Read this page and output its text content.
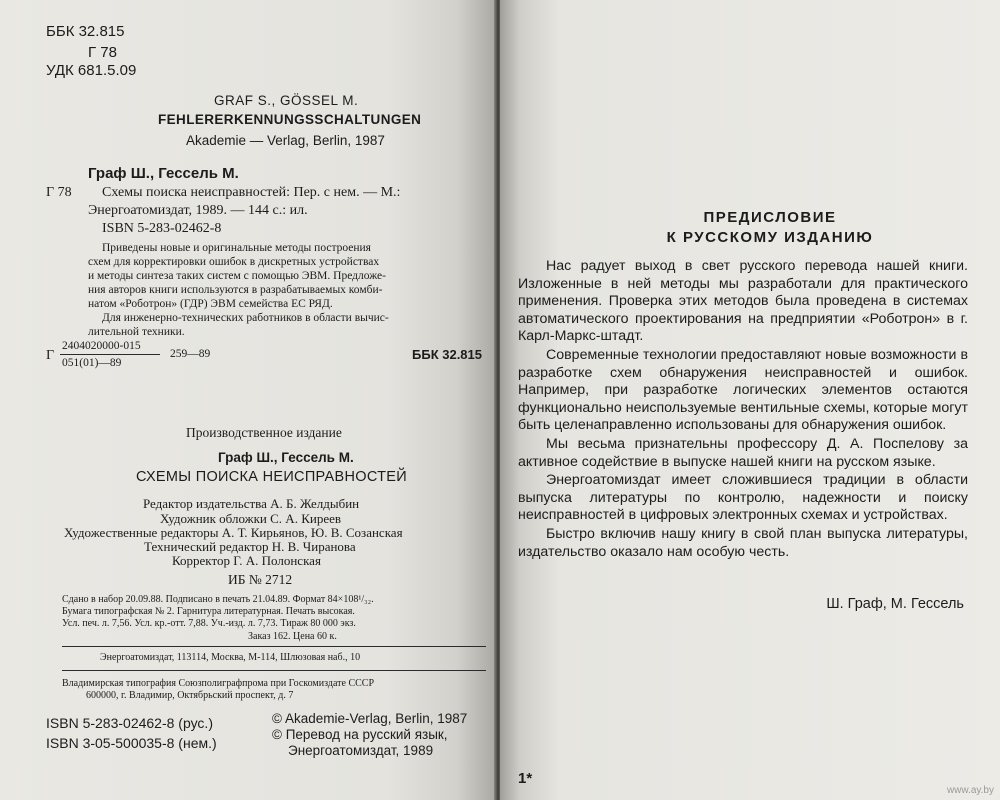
ББК 32.815
Г 78
УДК 681.5.09
GRAF S., GÖSSEL M.
FEHLERERKENNUNGSSCHALTUNGEN
Akademie — Verlag, Berlin, 1987
Граф Ш., Гессель М.
Г 78 Схемы поиска неисправностей: Пер. с нем. — М.:
Энергоатомиздат, 1989. — 144 с.: ил.
ISBN 5-283-02462-8
Приведены новые и оригинальные методы построения
схем для корректировки ошибок в дискретных устройствах
и методы синтеза таких систем с помощью ЭВМ. Предложе-
ния авторов книги используются в разрабатываемых комби-
натом «Роботрон» (ГДР) ЭВМ семейства ЕС РЯД.
Для инженерно-технических работников в области вычис-
лительной техники.
Г
2404020000-015
051(01)—89
259—89	ББК 32.815
Производственное издание
Граф Ш., Гессель М.
СХЕМЫ ПОИСКА НЕИСПРАВНОСТЕЙ
Редактор издательства А. Б. Желдыбин
Художник обложки С. А. Киреев
Художественные редакторы А. Т. Кирьянов, Ю. В. Созанская
Технический редактор Н. В. Чиранова
Корректор Г. А. Полонская
ИБ № 2712
Сдано в набор 20.09.88. Подписано в печать 21.04.89. Формат 84×108¹/₃₂.
Бумага типографская № 2. Гарнитура литературная. Печать высокая.
Усл. печ. л. 7,56. Усл. кр.-отт. 7,88. Уч.-изд. л. 7,73. Тираж 80 000 экз.
Заказ 162. Цена 60 к.
Энергоатомиздат, 113114, Москва, М-114, Шлюзовая наб., 10
Владимирская типография Союзполиграфпрома при Госкомиздате СССР
600000, г. Владимир, Октябрьский проспект, д. 7
ISBN 5-283-02462-8 (рус.)
ISBN 3-05-500035-8 (нем.)
© Akademie-Verlag, Berlin, 1987
© Перевод на русский язык,
Энергоатомиздат, 1989
ПРЕДИСЛОВИЕ
К РУССКОМУ ИЗДАНИЮ

Нас радует выход в свет русского перевода нашей книги. Изложенные в ней методы мы разработали для практического применения. Проверка этих методов была проведена в системах автоматического проектирования на предприятии «Роботрон» в г. Карл-Маркс-штадт.

Современные технологии предоставляют новые возможности в разработке схем обнаружения неисправностей и ошибок. Например, при разработке логических элементов остаются функционально неиспользуемые вентильные схемы, которые могут быть целенаправленно использованы для обнаружения ошибок.

Мы весьма признательны профессору Д. А. Поспелову за активное содействие в выпуске нашей книги на русском языке.

Энергоатомиздат имеет сложившиеся традиции в области выпуска литературы по контролю, надежности и поиску неисправностей в цифровых электронных схемах и устройствах.

Быстро включив нашу книгу в свой план выпуска литературы, издательство оказало нам особую честь.

Ш. Граф, М. Гессель
1*
www.ay.by
